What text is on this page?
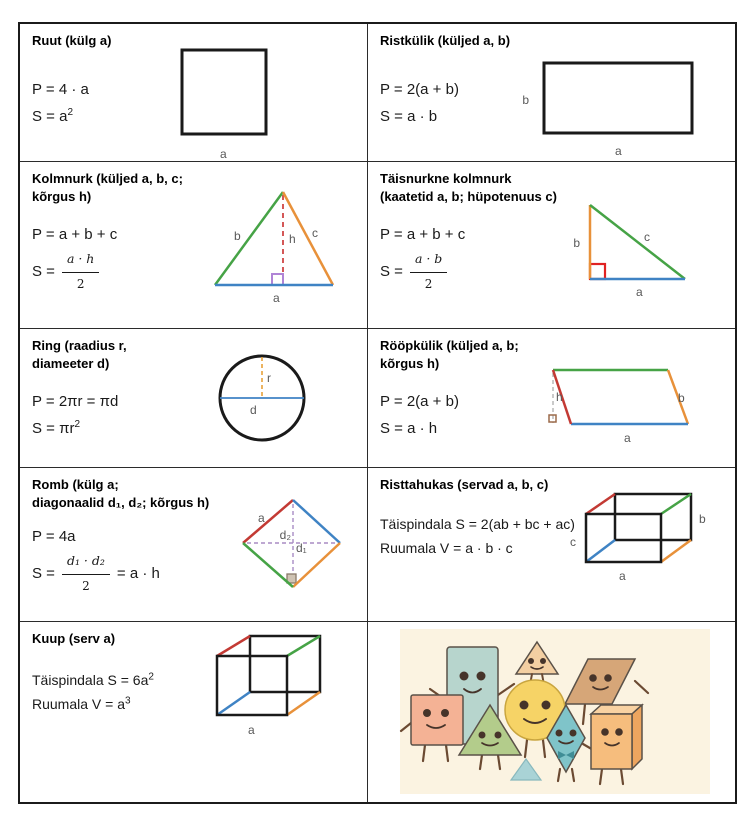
Ruut (külg a)
P = 4 · a
$S = a^2$
a
Ristkülik (küljed a, b)
P = 2(a + b)
S = a · b
b
a
Kolmnurk (küljed a, b, c;
kõrgus h)
P = a + b + c
$S = \frac{a \cdot h}{2}$
b	c
h
a
Täisnurkne kolmnurk
(kaatetid a, b; hüpotenuus c)
P = a + b + c
$S = \frac{a \cdot b}{2}$
b	c
a
Ring (raadius r,
diameeter d)
P = 2πr = πd
$S = \pi r^2$
r
d
Rööpkülik (küljed a, b;
kõrgus h)
P = 2(a + b)
S = a · h
h	b
a
Romb (külg a;
diagonaalid d₁, d₂; kõrgus h)
P = 4a
$S = \frac{\text{d₁ · d₂}}{2} = a \cdot h$
a
d₂
d₁
Risttahukas (servad a, b, c)
Täispindala S = 2(ab + bc + ac)
Ruumala V = a · b · c	c
b
a
Kuup (serv a)
Täispindala $S = 6a^2$
Ruumala $V = a^3$
a
